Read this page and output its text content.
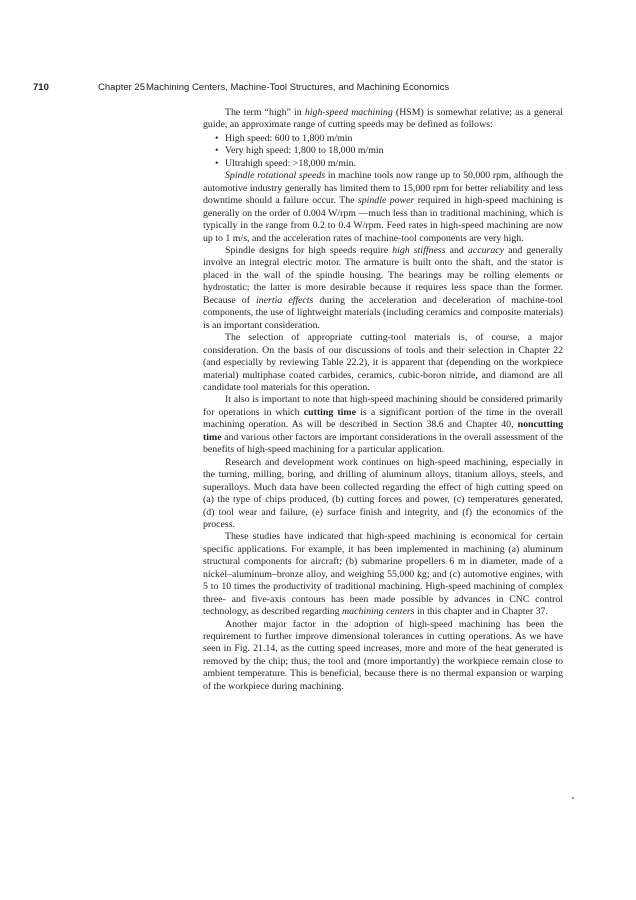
710	Chapter 25Machining Centers, Machine-Tool Structures, and Machining Economics

The term “high” in high-speed machining (HSM) is somewhat relative; as a general guide, an approximate range of cutting speeds may be defined as follows:

• High speed: 600 to 1,800 m/min
• Very high speed: 1,800 to 18,000 m/min
• Ultrahigh speed: >18,000 m/min.

Spindle rotational speeds in machine tools now range up to 50,000 rpm, although the automotive industry generally has limited them to 15,000 rpm for better reliability and less downtime should a failure occur. The spindle power required in high-speed machining is generally on the order of 0.004 W/rpm —much less than in traditional machining, which is typically in the range from 0.2 to 0.4 W/rpm. Feed rates in high-speed machining are now up to 1 m/s, and the acceleration rates of machine-tool components are very high.

Spindle designs for high speeds require high stiffness and accuracy and generally involve an integral electric motor. The armature is built onto the shaft, and the stator is placed in the wall of the spindle housing. The bearings may be rolling elements or hydrostatic; the latter is more desirable because it requires less space than the former. Because of inertia effects during the acceleration and deceleration of machine-tool components, the use of lightweight materials (including ceramics and composite materials) is an important consideration.

The selection of appropriate cutting-tool materials is, of course, a major consideration. On the basis of our discussions of tools and their selection in Chapter 22 (and especially by reviewing Table 22.2), it is apparent that (depending on the workpiece material) multiphase coated carbides, ceramics, cubic-boron nitride, and diamond are all candidate tool materials for this operation.

It also is important to note that high-speed machining should be considered primarily for operations in which cutting time is a significant portion of the time in the overall machining operation. As will be described in Section 38.6 and Chapter 40, noncutting time and various other factors are important considerations in the overall assessment of the benefits of high-speed machining for a particular application.

Research and development work continues on high-speed machining, especially in the turning, milling, boring, and drilling of aluminum alloys, titanium alloys, steels, and superalloys. Much data have been collected regarding the effect of high cutting speed on (a) the type of chips produced, (b) cutting forces and power, (c) temperatures generated, (d) tool wear and failure, (e) surface finish and integrity, and (f) the economics of the process.

These studies have indicated that high-speed machining is economical for certain specific applications. For example, it has been implemented in machining (a) aluminum structural components for aircraft; (b) submarine propellers 6 m in diameter, made of a nickel–aluminum–bronze alloy, and weighing 55,000 kg; and (c) automotive engines, with 5 to 10 times the productivity of traditional machining. High-speed machining of complex three- and five-axis contours has been made possible by advances in CNC control technology, as described regarding machining centers in this chapter and in Chapter 37.

Another major factor in the adoption of high-speed machining has been the requirement to further improve dimensional tolerances in cutting operations. As we have seen in Fig. 21.14, as the cutting speed increases, more and more of the heat generated is removed by the chip; thus, the tool and (more importantly) the workpiece remain close to ambient temperature. This is beneficial, because there is no thermal expansion or warping of the workpiece during machining.
